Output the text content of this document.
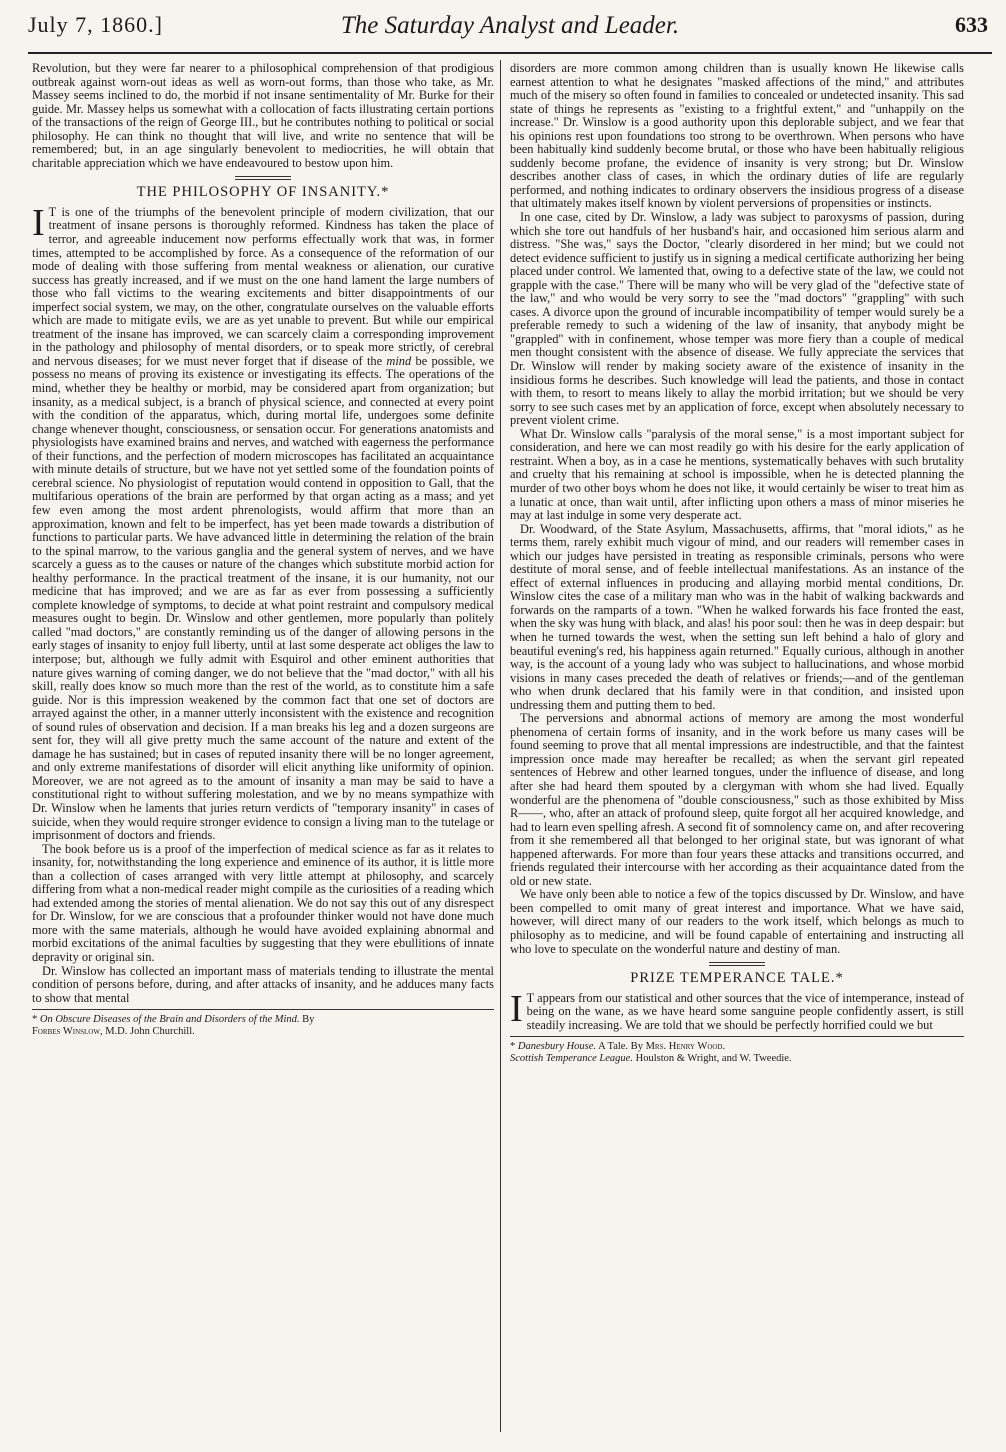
July 7, 1860.]	The Saturday Analyst and Leader.	633

Revolution, but they were far nearer to a philosophical comprehension of that prodigious outbreak against worn-out ideas as well as worn-out forms, than those who take, as Mr. Massey seems inclined to do, the morbid if not insane sentimentality of Mr. Burke for their guide. Mr. Massey helps us somewhat with a collocation of facts illustrating certain portions of the transactions of the reign of George III., but he contributes nothing to political or social philosophy. He can think no thought that will live, and write no sentence that will be remembered; but, in an age singularly benevolent to mediocrities, he will obtain that charitable appreciation which we have endeavoured to bestow upon him.

THE PHILOSOPHY OF INSANITY.*

I T is one of the triumphs of the benevolent principle of modern civilization, that our treatment of insane persons is thoroughly reformed. Kindness has taken the place of terror, and agreeable inducement now performs effectually work that was, in former times, attempted to be accomplished by force. As a consequence of the reformation of our mode of dealing with those suffering from mental weakness or alienation, our curative success has greatly increased, and if we must on the one hand lament the large numbers of those who fall victims to the wearing excitements and bitter disappointments of our imperfect social system, we may, on the other, congratulate ourselves on the valuable efforts which are made to mitigate evils, we are as yet unable to prevent. But while our empirical treatment of the insane has improved, we can scarcely claim a corresponding improvement in the pathology and philosophy of mental disorders, or to speak more strictly, of cerebral and nervous diseases; for we must never forget that if disease of the mind be possible, we possess no means of proving its existence or investigating its effects. The operations of the mind, whether they be healthy or morbid, may be considered apart from organization; but insanity, as a medical subject, is a branch of physical science, and connected at every point with the condition of the apparatus, which, during mortal life, undergoes some definite change whenever thought, consciousness, or sensation occur. For generations anatomists and physiologists have examined brains and nerves, and watched with eagerness the performance of their functions, and the perfection of modern microscopes has facilitated an acquaintance with minute details of structure, but we have not yet settled some of the foundation points of cerebral science. No physiologist of reputation would contend in opposition to Gall, that the multifarious operations of the brain are performed by that organ acting as a mass; and yet few even among the most ardent phrenologists, would affirm that more than an approximation, known and felt to be imperfect, has yet been made towards a distribution of functions to particular parts. We have advanced little in determining the relation of the brain to the spinal marrow, to the various ganglia and the general system of nerves, and we have scarcely a guess as to the causes or nature of the changes which substitute morbid action for healthy performance. In the practical treatment of the insane, it is our humanity, not our medicine that has improved; and we are as far as ever from possessing a sufficiently complete knowledge of symptoms, to decide at what point restraint and compulsory medical measures ought to begin. Dr. Winslow and other gentlemen, more popularly than politely called "mad doctors," are constantly reminding us of the danger of allowing persons in the early stages of insanity to enjoy full liberty, until at last some desperate act obliges the law to interpose; but, although we fully admit with Esquirol and other eminent authorities that nature gives warning of coming danger, we do not believe that the "mad doctor," with all his skill, really does know so much more than the rest of the world, as to constitute him a safe guide. Nor is this impression weakened by the common fact that one set of doctors are arrayed against the other, in a manner utterly inconsistent with the existence and recognition of sound rules of observation and decision. If a man breaks his leg and a dozen surgeons are sent for, they will all give pretty much the same account of the nature and extent of the damage he has sustained; but in cases of reputed insanity there will be no longer agreement, and only extreme manifestations of disorder will elicit anything like uniformity of opinion. Moreover, we are not agreed as to the amount of insanity a man may be said to have a constitutional right to without suffering molestation, and we by no means sympathize with Dr. Winslow when he laments that juries return verdicts of "temporary insanity" in cases of suicide, when they would require stronger evidence to consign a living man to the tutelage or imprisonment of doctors and friends.

The book before us is a proof of the imperfection of medical science as far as it relates to insanity, for, notwithstanding the long experience and eminence of its author, it is little more than a collection of cases arranged with very little attempt at philosophy, and scarcely differing from what a non-medical reader might compile as the curiosities of a reading which had extended among the stories of mental alienation. We do not say this out of any disrespect for Dr. Winslow, for we are conscious that a profounder thinker would not have done much more with the same materials, although he would have avoided explaining abnormal and morbid excitations of the animal faculties by suggesting that they were ebullitions of innate depravity or original sin.

Dr. Winslow has collected an important mass of materials tending to illustrate the mental condition of persons before, during, and after attacks of insanity, and he adduces many facts to show that mental

* On Obscure Diseases of the Brain and Disorders of the Mind. By
Forbes Winslow, M.D. John Churchill.

disorders are more common among children than is usually known He likewise calls earnest attention to what he designates "masked affections of the mind," and attributes much of the misery so often found in families to concealed or undetected insanity. This sad state of things he represents as "existing to a frightful extent," and "unhappily on the increase." Dr. Winslow is a good authority upon this deplorable subject, and we fear that his opinions rest upon foundations too strong to be overthrown. When persons who have been habitually kind suddenly become brutal, or those who have been habitually religious suddenly become profane, the evidence of insanity is very strong; but Dr. Winslow describes another class of cases, in which the ordinary duties of life are regularly performed, and nothing indicates to ordinary observers the insidious progress of a disease that ultimately makes itself known by violent perversions of propensities or instincts.

In one case, cited by Dr. Winslow, a lady was subject to paroxysms of passion, during which she tore out handfuls of her husband's hair, and occasioned him serious alarm and distress. "She was," says the Doctor, "clearly disordered in her mind; but we could not detect evidence sufficient to justify us in signing a medical certificate authorizing her being placed under control. We lamented that, owing to a defective state of the law, we could not grapple with the case." There will be many who will be very glad of the "defective state of the law," and who would be very sorry to see the "mad doctors" "grappling" with such cases. A divorce upon the ground of incurable incompatibility of temper would surely be a preferable remedy to such a widening of the law of insanity, that anybody might be "grappled" with in confinement, whose temper was more fiery than a couple of medical men thought consistent with the absence of disease. We fully appreciate the services that Dr. Winslow will render by making society aware of the existence of insanity in the insidious forms he describes. Such knowledge will lead the patients, and those in contact with them, to resort to means likely to allay the morbid irritation; but we should be very sorry to see such cases met by an application of force, except when absolutely necessary to prevent violent crime.

What Dr. Winslow calls "paralysis of the moral sense," is a most important subject for consideration, and here we can most readily go with his desire for the early application of restraint. When a boy, as in a case he mentions, systematically behaves with such brutality and cruelty that his remaining at school is impossible, when he is detected planning the murder of two other boys whom he does not like, it would certainly be wiser to treat him as a lunatic at once, than wait until, after inflicting upon others a mass of minor miseries he may at last indulge in some very desperate act.

Dr. Woodward, of the State Asylum, Massachusetts, affirms, that "moral idiots," as he terms them, rarely exhibit much vigour of mind, and our readers will remember cases in which our judges have persisted in treating as responsible criminals, persons who were destitute of moral sense, and of feeble intellectual manifestations. As an instance of the effect of external influences in producing and allaying morbid mental conditions, Dr. Winslow cites the case of a military man who was in the habit of walking backwards and forwards on the ramparts of a town. "When he walked forwards his face fronted the east, when the sky was hung with black, and alas! his poor soul: then he was in deep despair: but when he turned towards the west, when the setting sun left behind a halo of glory and beautiful evening's red, his happiness again returned." Equally curious, although in another way, is the account of a young lady who was subject to hallucinations, and whose morbid visions in many cases preceded the death of relatives or friends;—and of the gentleman who when drunk declared that his family were in that condition, and insisted upon undressing them and putting them to bed.

The perversions and abnormal actions of memory are among the most wonderful phenomena of certain forms of insanity, and in the work before us many cases will be found seeming to prove that all mental impressions are indestructible, and that the faintest impression once made may hereafter be recalled; as when the servant girl repeated sentences of Hebrew and other learned tongues, under the influence of disease, and long after she had heard them spouted by a clergyman with whom she had lived. Equally wonderful are the phenomena of "double consciousness," such as those exhibited by Miss R——, who, after an attack of profound sleep, quite forgot all her acquired knowledge, and had to learn even spelling afresh. A second fit of somnolency came on, and after recovering from it she remembered all that belonged to her original state, but was ignorant of what happened afterwards. For more than four years these attacks and transitions occurred, and friends regulated their intercourse with her according as their acquaintance dated from the old or new state.

We have only been able to notice a few of the topics discussed by Dr. Winslow, and have been compelled to omit many of great interest and importance. What we have said, however, will direct many of our readers to the work itself, which belongs as much to philosophy as to medicine, and will be found capable of entertaining and instructing all who love to speculate on the wonderful nature and destiny of man.

PRIZE TEMPERANCE TALE.*

I T appears from our statistical and other sources that the vice of intemperance, instead of being on the wane, as we have heard some sanguine people confidently assert, is still steadily increasing. We are told that we should be perfectly horrified could we but

* Danesbury House. A Tale. By Mrs. Henry Wood.
Scottish Temperance League. Houlston & Wright, and W. Tweedie.
